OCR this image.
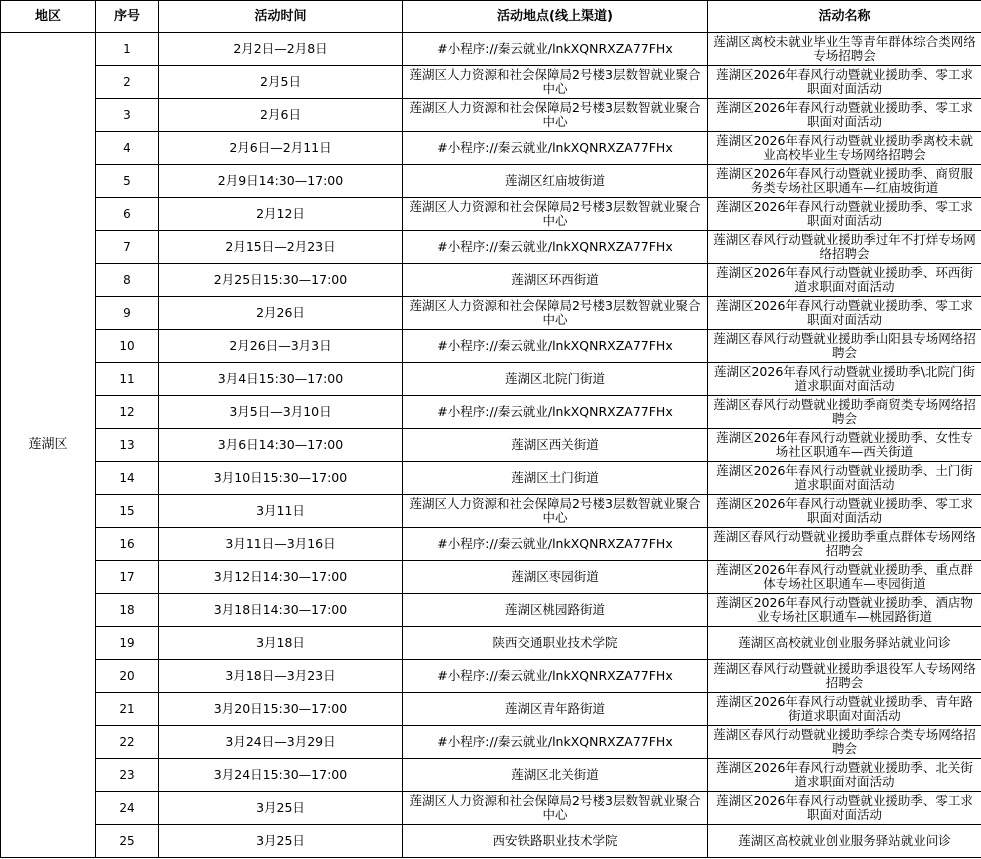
地区	序号	活动时间	活动地点(线上渠道)	活动名称
莲湖区	1	2月2日—2月8日	#小程序://秦云就业/lnkXQNRXZA77FHx	莲湖区离校未就业毕业生等青年群体综合类网络专场招聘会
	2	2月5日	莲湖区人力资源和社会保障局2号楼3层数智就业聚合中心	莲湖区2026年春风行动暨就业援助季、零工求职面对面活动
	3	2月6日	莲湖区人力资源和社会保障局2号楼3层数智就业聚合中心	莲湖区2026年春风行动暨就业援助季、零工求职面对面活动
	4	2月6日—2月11日	#小程序://秦云就业/lnkXQNRXZA77FHx	莲湖区2026年春风行动暨就业援助季离校未就业高校毕业生专场网络招聘会
	5	2月9日14:30—17:00	莲湖区红庙坡街道	莲湖区2026年春风行动暨就业援助季、商贸服务类专场社区职通车—红庙坡街道
	6	2月12日	莲湖区人力资源和社会保障局2号楼3层数智就业聚合中心	莲湖区2026年春风行动暨就业援助季、零工求职面对面活动
	7	2月15日—2月23日	#小程序://秦云就业/lnkXQNRXZA77FHx	莲湖区春风行动暨就业援助季过年不打烊专场网络招聘会
	8	2月25日15:30—17:00	莲湖区环西街道	莲湖区2026年春风行动暨就业援助季、环西街道求职面对面活动
	9	2月26日	莲湖区人力资源和社会保障局2号楼3层数智就业聚合中心	莲湖区2026年春风行动暨就业援助季、零工求职面对面活动
	10	2月26日—3月3日	#小程序://秦云就业/lnkXQNRXZA77FHx	莲湖区春风行动暨就业援助季山阳县专场网络招聘会
	11	3月4日15:30—17:00	莲湖区北院门街道	莲湖区2026年春风行动暨就业援助季\北院门街道求职面对面活动
	12	3月5日—3月10日	#小程序://秦云就业/lnkXQNRXZA77FHx	莲湖区春风行动暨就业援助季商贸类专场网络招聘会
	13	3月6日14:30—17:00	莲湖区西关街道	莲湖区2026年春风行动暨就业援助季、女性专场社区职通车—西关街道
	14	3月10日15:30—17:00	莲湖区土门街道	莲湖区2026年春风行动暨就业援助季、土门街道求职面对面活动
	15	3月11日	莲湖区人力资源和社会保障局2号楼3层数智就业聚合中心	莲湖区2026年春风行动暨就业援助季、零工求职面对面活动
	16	3月11日—3月16日	#小程序://秦云就业/lnkXQNRXZA77FHx	莲湖区春风行动暨就业援助季重点群体专场网络招聘会
	17	3月12日14:30—17:00	莲湖区枣园街道	莲湖区2026年春风行动暨就业援助季、重点群体专场社区职通车—枣园街道
	18	3月18日14:30—17:00	莲湖区桃园路街道	莲湖区2026年春风行动暨就业援助季、酒店物业专场社区职通车—桃园路街道
	19	3月18日	陕西交通职业技术学院	莲湖区高校就业创业服务驿站就业问诊
	20	3月18日—3月23日	#小程序://秦云就业/lnkXQNRXZA77FHx	莲湖区春风行动暨就业援助季退役军人专场网络招聘会
	21	3月20日15:30—17:00	莲湖区青年路街道	莲湖区2026年春风行动暨就业援助季、青年路街道求职面对面活动
	22	3月24日—3月29日	#小程序://秦云就业/lnkXQNRXZA77FHx	莲湖区春风行动暨就业援助季综合类专场网络招聘会
	23	3月24日15:30—17:00	莲湖区北关街道	莲湖区2026年春风行动暨就业援助季、北关街道求职面对面活动
	24	3月25日	莲湖区人力资源和社会保障局2号楼3层数智就业聚合中心	莲湖区2026年春风行动暨就业援助季、零工求职面对面活动
	25	3月25日	西安铁路职业技术学院	莲湖区高校就业创业服务驿站就业问诊
